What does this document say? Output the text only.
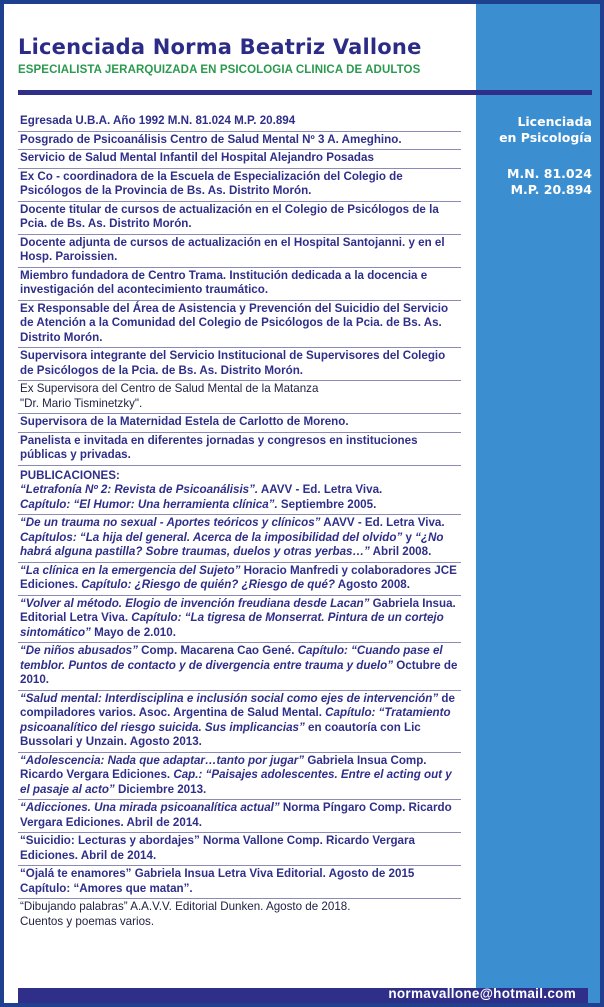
Licenciada Norma Beatriz Vallone
ESPECIALISTA JERARQUIZADA EN PSICOLOGIA CLINICA DE ADULTOS
Licenciada
en Psicología
M.N. 81.024
M.P. 20.894
Egresada U.B.A. Año 1992 M.N. 81.024 M.P. 20.894
Posgrado de Psicoanálisis Centro de Salud Mental Nº 3 A. Ameghino.
Servicio de Salud Mental Infantil del Hospital Alejandro Posadas
Ex Co - coordinadora de la Escuela de Especialización del Colegio de Psicólogos de la Provincia de Bs. As. Distrito Morón.
Docente titular de cursos de actualización en el Colegio de Psicólogos de la Pcia. de Bs. As. Distrito Morón.
Docente adjunta de cursos de actualización en el Hospital Santojanni. y en el Hosp. Paroissien.
Miembro fundadora de Centro Trama. Institución dedicada a la docencia e investigación del acontecimiento traumático.
Ex Responsable del Área de Asistencia y Prevención del Suicidio del Servicio de Atención a la Comunidad del Colegio de Psicólogos de la Pcia. de Bs. As. Distrito Morón.
Supervisora integrante del Servicio Institucional de Supervisores del Colegio de Psicólogos de la Pcia. de Bs. As. Distrito Morón.
Ex Supervisora del Centro de Salud Mental de la Matanza
"Dr. Mario Tisminetzky".
Supervisora de la Maternidad Estela de Carlotto de Moreno.
Panelista e invitada en diferentes jornadas y congresos en instituciones públicas y privadas.
PUBLICACIONES:
“Letrafonía Nº 2: Revista de Psicoanálisis”. AAVV - Ed. Letra Viva.
Capítulo: “El Humor: Una herramienta clínica”. Septiembre 2005.
“De un trauma no sexual - Aportes teóricos y clínicos” AAVV - Ed. Letra Viva.
Capítulos: “La hija del general. Acerca de la imposibilidad del olvido” y “¿No habrá alguna pastilla? Sobre traumas, duelos y otras yerbas…” Abril 2008.
“La clínica en la emergencia del Sujeto” Horacio Manfredi y colaboradores JCE Ediciones. Capítulo: ¿Riesgo de quién? ¿Riesgo de qué? Agosto 2008.
“Volver al método. Elogio de invención freudiana desde Lacan” Gabriela Insua. Editorial Letra Viva. Capítulo: “La tigresa de Monserrat. Pintura de un cortejo sintomático” Mayo de 2.010.
“De niños abusados” Comp. Macarena Cao Gené. Capítulo: “Cuando pase el temblor. Puntos de contacto y de divergencia entre trauma y duelo” Octubre de 2010.
“Salud mental: Interdisciplina e inclusión social como ejes de intervención” de compiladores varios. Asoc. Argentina de Salud Mental. Capítulo: “Tratamiento psicoanalítico del riesgo suicida. Sus implicancias” en coautoría con Lic Bussolari y Unzain. Agosto 2013.
“Adolescencia: Nada que adaptar…tanto por jugar” Gabriela Insua Comp. Ricardo Vergara Ediciones. Cap.: “Paisajes adolescentes. Entre el acting out y el pasaje al acto” Diciembre 2013.
“Adicciones. Una mirada psicoanalítica actual” Norma Píngaro Comp. Ricardo Vergara Ediciones. Abril de 2014.
“Suicidio: Lecturas y abordajes” Norma Vallone Comp. Ricardo Vergara Ediciones. Abril de 2014.
“Ojalá te enamores” Gabriela Insua Letra Viva Editorial. Agosto de 2015
Capítulo: “Amores que matan”.
“Dibujando palabras” A.A.V.V. Editorial Dunken. Agosto de 2018.
Cuentos y poemas varios.
normavallone@hotmail.com
